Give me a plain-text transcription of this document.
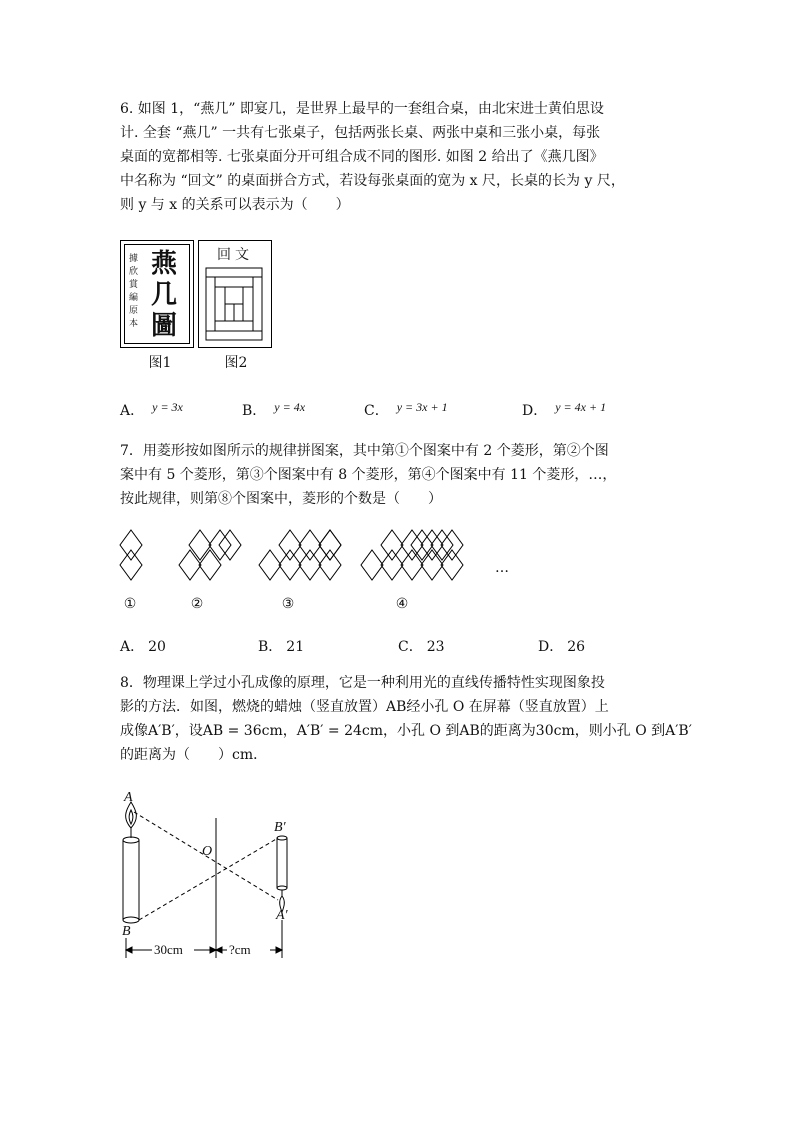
6. 如图 1，“燕几” 即宴几，是世界上最早的一套组合桌，由北宋进士黄伯思设
计. 全套 “燕几” 一共有七张桌子，包括两张长桌、两张中桌和三张小桌，每张
桌面的宽都相等. 七张桌面分开可组合成不同的图形. 如图 2 给出了《燕几图》
中名称为 “回文” 的桌面拼合方式，若设每张桌面的宽为 x 尺，长桌的长为 y 尺，
则 y 与 x 的关系可以表示为（　　）
據欣賞編原本
燕几圖
图1
回文
图2
A． y = 3x	B． y = 4x	C． y = 3x + 1	D． y = 4x + 1
7．用菱形按如图所示的规律拼图案，其中第①个图案中有 2 个菱形，第②个图
案中有 5 个菱形，第③个图案中有 8 个菱形，第④个图案中有 11 个菱形，…，
按此规律，则第⑧个图案中，菱形的个数是（　　）
…
①	②	③	④
A． 20	B． 21	C． 23	D． 26
8．物理课上学过小孔成像的原理，它是一种利用光的直线传播特性实现图象投
影的方法．如图，燃烧的蜡烛（竖直放置）AB经小孔 O 在屏幕（竖直放置）上
成像A′B′，设AB = 36cm，A′B′ = 24cm，小孔 O 到AB的距离为30cm，则小孔 O 到A′B′
的距离为（　　）cm．
A
B
O
B′
A′
30cm	?cm
